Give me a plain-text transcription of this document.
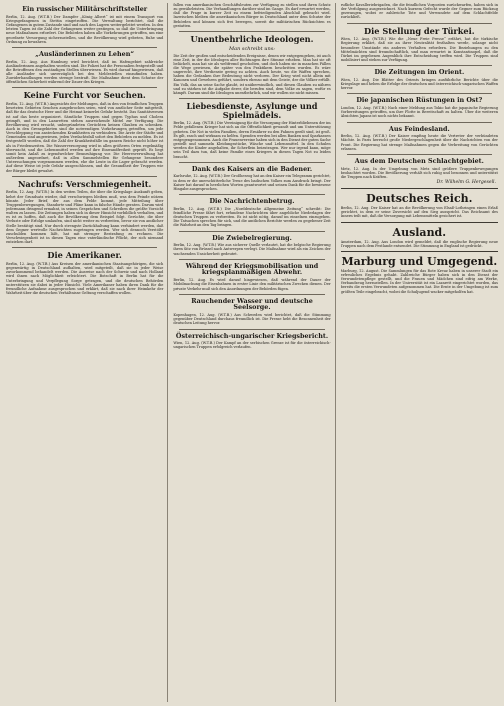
Ein russischer Militärschriftsteller

Berlin, 12. Aug. (W.T.B.) Der Dampfer „König Albert“ ist mit einem Transport von Kriegsgefangenen in Stettin eingetroffen. Die Verwaltung berichtet, daß die Gefangenen in gutem Zustande sind und nach den Lagern weitergeleitet werden. In den letzten Tagen ist die Zahl der Gefangenen weiter gestiegen, so daß die Unterbringung neue Maßnahmen erfordert. Die Behörden haben alle Vorkehrungen getroffen, um eine geordnete Versorgung sicherzustellen, und die Bevölkerung wird gebeten, Ruhe und Ordnung zu bewahren.

„Ausländerinnen zu Lehen“

Berlin, 12. Aug. Aus Hamburg wird berichtet, daß im Hafengebiet zahlreiche Ausländerinnen angehalten worden sind. Die Polizei hat die Personalien festgestellt und die Betroffenen den zuständigen Stellen überwiesen. Es wird darauf hingewiesen, daß alle Ausländer sich unverzüglich bei den Meldestellen einzufinden haben. Zuwiderhandlungen werden strenge bestraft. Die Maßnahme dient dem Schutze der öffentlichen Sicherheit während der Dauer des Krieges.

Keine Furcht vor Seuchen.

Berlin, 12. Aug. (W.T.B.) Angesichts der Meldungen, daß in den von feindlichen Truppen besetzten Gebieten Seuchen ausgebrochen seien, wird von amtlicher Seite mitgeteilt, daß für das deutsche Heer und die Heimat keinerlei Gefahr besteht. Das Sanitätswesen ist auf das beste organisiert. Sämtliche Truppen sind gegen Typhus und Cholera geimpft, und in den Lazaretten stehen ausreichende Mittel zur Verfügung. Die Bevölkerung wird ersucht, unbegründeten Gerüchten keinen Glauben zu schenken. Auch in den Grenzgebieten sind die notwendigen Vorkehrungen getroffen, um jede Verschleppung von ansteckenden Krankheiten zu verhindern. Die Ärzte der Städte und Gemeinden sind angewiesen, jeden Verdachtsfall sofort den Behörden zu melden. Es ist festgestellt worden, daß die Zahl der Krankheitsfälle im ganzen Reiche nicht höher ist als in Friedenszeiten. Die Wasserversorgung wird in allen größeren Orten regelmäßig überwacht, und die Lebensmittel werden auf ihre Einwandfreiheit geprüft. Es liegt somit kein Anlaß zu irgendwelcher Beunruhigung vor. Die Heeresverwaltung hat außerdem angeordnet, daß in allen Sammelstellen für Gefangene besondere Untersuchungen vorgenommen werden, ehe die Leute in die Lager gebracht werden. Auf diese Weise ist jede Gefahr ausgeschlossen, und die Gesundheit der Truppen wie der Bürger bleibt gewahrt.

Nachrufs: Verschmiegenheit.

Berlin, 12. Aug. (W.T.B.) In den weiten Teilen, die über die Kriegslage Auskunft geben, kehrt der Grundsatz wieder, daß verschwiegen bleiben muß, was dem Feinde nützen könnte. Jeder Brief, der aus dem Felde kommt, jede Mitteilung über Truppenbewegungen, Standorte und Pläne kann in falsche Hände geraten. Darum wird jedermann dringend ermahnt, in seinen Gesprächen und Schreiben die größte Vorsicht walten zu lassen. Die Zeitungen haben sich in dieser Hinsicht vorbildlich verhalten, und es ist zu hoffen, daß auch die Bevölkerung dem Beispiel folgt. Gerüchte, die über Verluste oder Erfolge umlaufen, sind nicht weiter zu verbreiten, bevor sie von amtlicher Stelle bestätigt sind. Nur durch strengste Zurückhaltung kann verhindert werden, daß dem Gegner wertvolle Nachrichten zugetragen werden. Wer sich dennoch Verstöße zuschulden kommen läßt, hat mit strenger Bestrafung zu rechnen. Die Verschwiegenheit ist in diesen Tagen eine vaterländische Pflicht, der sich niemand entziehen darf.

Die Amerikaner.

Berlin, 12. Aug. (W.T.B.) Aus Kreisen der amerikanischen Staatsangehörigen, die sich gegenwärtig in Deutschland aufhalten, wird mitgeteilt, daß sie in jeder Weise zuvorkommend behandelt werden. Die Ausreise nach der Schweiz und nach Holland wird ihnen nach Möglichkeit erleichtert. Die Botschaft in Berlin hat für die Unterbringung und Verpflegung Sorge getragen, und die deutschen Behörden unterstützen sie dabei in jeder Hinsicht. Viele Amerikaner haben ihren Dank für die freundliche Aufnahme ausgesprochen und erklärt, daß sie nach ihrer Heimkehr der Wahrheit über die deutschen Verhältnisse Geltung verschaffen wollen.

fallen von amerikanischen Geschäftsleuten zur Verfügung zu stellen und ihren Schutz zu gewährleisten. Die Verhandlungen darüber sind im Gange. Es darf erwartet werden, daß die Frage in kurzer Zeit zu einem befriedigenden Abschluß gebracht wird. Inzwischen bleiben die amerikanischen Bürger in Deutschland unter dem Schutze der Behörden und können sich frei bewegen, soweit die militärischen Rücksichten es gestatten.

Unentbehrliche Ideologen.
Man schreibt uns:

Die Zeit der großen und entscheidenden Ereignisse, denen wir entgegengehen, ist auch eine Zeit, in der die Ideologen aller Richtungen ihre Stimme erheben. Man hat sie oft belächelt, man hat sie als weltfremd gescholten, und doch haben sie in manchen Fällen die Wege gewiesen, die später von den Praktikern beschritten wurden. Es wäre ungerecht, ihre Verdienste gering zu achten. Auch heute, wo die Waffen sprechen, haben die Gedanken ihre Bedeutung nicht verloren. Der Krieg wird nicht allein mit Kanonen und Gewehren geführt, sondern ebenso mit dem Geiste, der die Völker erfüllt. Ein Volk, das an seine Sache glaubt, ist unüberwindlich, und diesen Glauben zu nähren und zu stärken ist die Aufgabe derer, die berufen sind, dem Volke zu sagen, wofür es kämpft. Darum sind die Ideologen unentbehrlich, und wir wollen sie nicht missen.

Liebesdienste, Asylunge und Spielmädels.

Berlin, 12. Aug. (W.T.B.) Die Vereinigung für die Versorgung der Hinterbliebenen der im Felde gefallenen Krieger hat sich an die Öffentlichkeit gewandt und um Unterstützung gebeten. Die Not in vielen Familien, deren Ernährer zu den Fahnen geeilt sind, ist groß. Es gilt, rasch und wirksam zu helfen. Spenden werden bei allen Banken und Sparkassen entgegengenommen. Auch die Frauenvereine haben sich in den Dienst der guten Sache gestellt und sammeln Kleidungsstücke, Wäsche und Lebensmittel. In den Schulen werden die Kinder angehalten, ihr Scherflein beizutragen. Wer nur irgend kann, möge sein Teil dazu tun, daß keine Familie eines Kriegers in diesen Tagen Not zu leiden braucht.

Dank des Kaisers an die Badener.

Karlsruhe, 12. Aug. (W.T.B.) Der Großherzog hat an den Kaiser ein Telegramm gerichtet, in dem er die unerschütterliche Treue des badischen Volkes zum Ausdruck bringt. Der Kaiser hat darauf in herzlichen Worten geantwortet und seinen Dank für die bewiesene Hingabe ausgesprochen.

Die Nachrichtenbetrug.

Berlin, 12. Aug. (W.T.B.) Die „Norddeutsche Allgemeine Zeitung“ schreibt: Die feindliche Presse fährt fort, erfundene Nachrichten über angebliche Niederlagen der deutschen Truppen zu verbreiten. Es ist nicht nötig, darauf im einzelnen einzugehen. Die Tatsachen sprechen für sich, und die amtlichen Berichte werden zu gegebener Zeit die Wahrheit an den Tag bringen.

Die Zwiebelregierung.

Berlin, 12. Aug. (W.T.B.) Wie aus sicherer Quelle verlautet, hat die belgische Regierung ihren Sitz von Brüssel nach Antwerpen verlegt. Die Maßnahme wird als ein Zeichen der wachsenden Unsicherheit gedeutet.

Während der Kriegsmobilisation und kriegsplanmäßigen Abwehr.

Berlin, 12. Aug. Es wird darauf hingewiesen, daß während der Dauer der Mobilmachung die Eisenbahnen in erster Linie den militärischen Zwecken dienen. Der private Verkehr muß sich den Anordnungen der Behörden fügen.

Rauchender Wasser und deutsche Seelsorge.

Kopenhagen, 12. Aug. (W.T.B.) Aus Schweden wird berichtet, daß die Stimmung gegenüber Deutschland durchaus freundlich ist. Die Presse hebt die Besonnenheit der deutschen Leitung hervor.

Österreichisch-ungarischer Kriegsbericht.

Wien, 12. Aug. (W.T.B.) Der Kampf an der serbischen Grenze ist für die österreichisch-ungarischen Truppen erfolgreich verlaufen.

rufliche Kavalleriebrigaden, die die feindlichen Vorposten zurückwarfen, haben sich in der Verfolgung ausgezeichnet. Nach kurzem Gefecht wurde der Gegner zum Rückzug gezwungen, wobei er zahlreiche Tote und Verwundete auf dem Schlachtfelde zurückließ.

Die Stellung der Türkei.

Wien, 12. Aug. (W.T.B.) Wie die „Neue Freie Presse“ erfährt, hat die türkische Regierung erklärt, daß sie an ihrer Neutralität festhalten werde, solange nicht besondere Umstände ein anderes Verhalten erfordern. Die Beziehungen zu den Mittelmächten sind freundschaftlich, und man erwartet in Konstantinopel, daß die Türkei im gegebenen Augenblick ihre Entscheidung treffen wird. Die Truppen sind mobilisiert und stehen zur Verfügung.

Die Zeitungen im Orient.

Wien, 12. Aug. Die Blätter des Orients bringen ausführliche Berichte über die Kriegslage und heben die Erfolge der deutschen und österreichisch-ungarischen Waffen hervor.

Die japanischen Rüstungen in Ost?

London, 12. Aug. (W.T.B.) Nach einer Meldung aus Tokio hat die japanische Regierung Vorbereitungen getroffen, um ihre Flotte in Bereitschaft zu halten. Über die weiteren Absichten Japans ist noch nichts bekannt.

Aus Feindesland.

Berlin, 12. Aug. (W.T.B.) Der Kaiser empfing heute die Vertreter der verbündeten Mächte. In Paris herrscht große Niedergeschlagenheit über die Nachrichten von der Front. Die Regierung hat strenge Maßnahmen gegen die Verbreitung von Gerüchten erlassen.

Aus dem Deutschen Schlachtgebiet.

Metz, 12. Aug. In der Umgebung von Metz sind größere Truppenbewegungen beobachtet worden. Die Bevölkerung verhält sich ruhig und besonnen und unterstützt die Truppen nach Kräften.

Dr. Wilhelm G. Hergesell.
Deutsches Reich.

Berlin, 12. Aug. Der Kaiser hat an die Bevölkerung von Elsaß-Lothringen einen Erlaß gerichtet, in dem er seine Zuversicht auf den Sieg ausspricht. Das Reichsamt des Innern teilt mit, daß die Versorgung mit Lebensmitteln gesichert ist.

Ausland.

Amsterdam, 12. Aug. Aus London wird gemeldet, daß die englische Regierung neue Truppen nach dem Festlande entsendet. Die Stimmung in England ist gedrückt.

Marburg und Umgegend.

Marburg, 12. August. Die Sammlungen für das Rote Kreuz haben in unserer Stadt ein erfreuliches Ergebnis gehabt. Zahlreiche Bürger haben sich in den Dienst der Verwundetenpflege gestellt, und die Frauen und Mädchen sind eifrig am Werke, Verbandzeug herzustellen. In der Universität ist ein Lazarett eingerichtet worden, das bereits die ersten Verwundeten aufgenommen hat. Die Ernte in der Umgebung ist zum größten Teile eingebracht, wobei die Schuljugend wacker mitgeholfen hat.
